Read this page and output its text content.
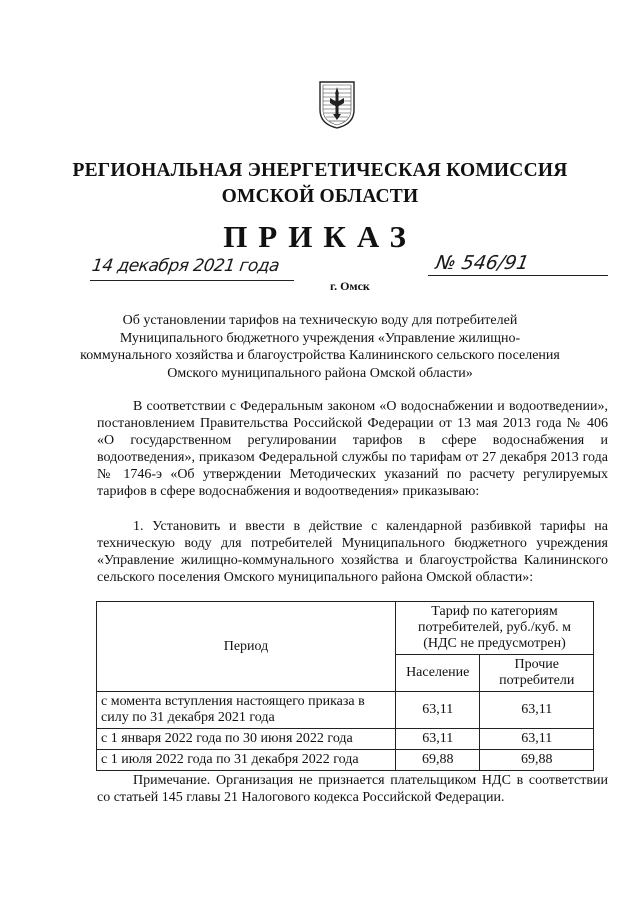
РЕГИОНАЛЬНАЯ ЭНЕРГЕТИЧЕСКАЯ КОМИССИЯ
ОМСКОЙ ОБЛАСТИ
ПРИКАЗ
14 декабря 2021 года
г. Омск
№ 546/91
Об установлении тарифов на техническую воду для потребителей Муниципального бюджетного учреждения «Управление жилищно-коммунального хозяйства и благоустройства Калининского сельского поселения Омского муниципального района Омской области»
В соответствии с Федеральным законом «О водоснабжении и водоотведении», постановлением Правительства Российской Федерации от 13 мая 2013 года № 406 «О государственном регулировании тарифов в сфере водоснабжения и водоотведения», приказом Федеральной службы по тарифам от 27 декабря 2013 года № 1746-э «Об утверждении Методических указаний по расчету регулируемых тарифов в сфере водоснабжения и водоотведения» приказываю:
1. Установить и ввести в действие с календарной разбивкой тарифы на техническую воду для потребителей Муниципального бюджетного учреждения «Управление жилищно-коммунального хозяйства и благоустройства Калининского сельского поселения Омского муниципального района Омской области»:
Период	Тариф по категориям потребителей, руб./куб. м (НДС не предусмотрен)	
	Население	Прочие потребители
с момента вступления настоящего приказа в силу по 31 декабря 2021 года	63,11	63,11
с 1 января 2022 года по 30 июня 2022 года	63,11	63,11
с 1 июля 2022 года по 31 декабря 2022 года	69,88	69,88
Примечание. Организация не признается плательщиком НДС в соответствии со статьей 145 главы 21 Налогового кодекса Российской Федерации.
